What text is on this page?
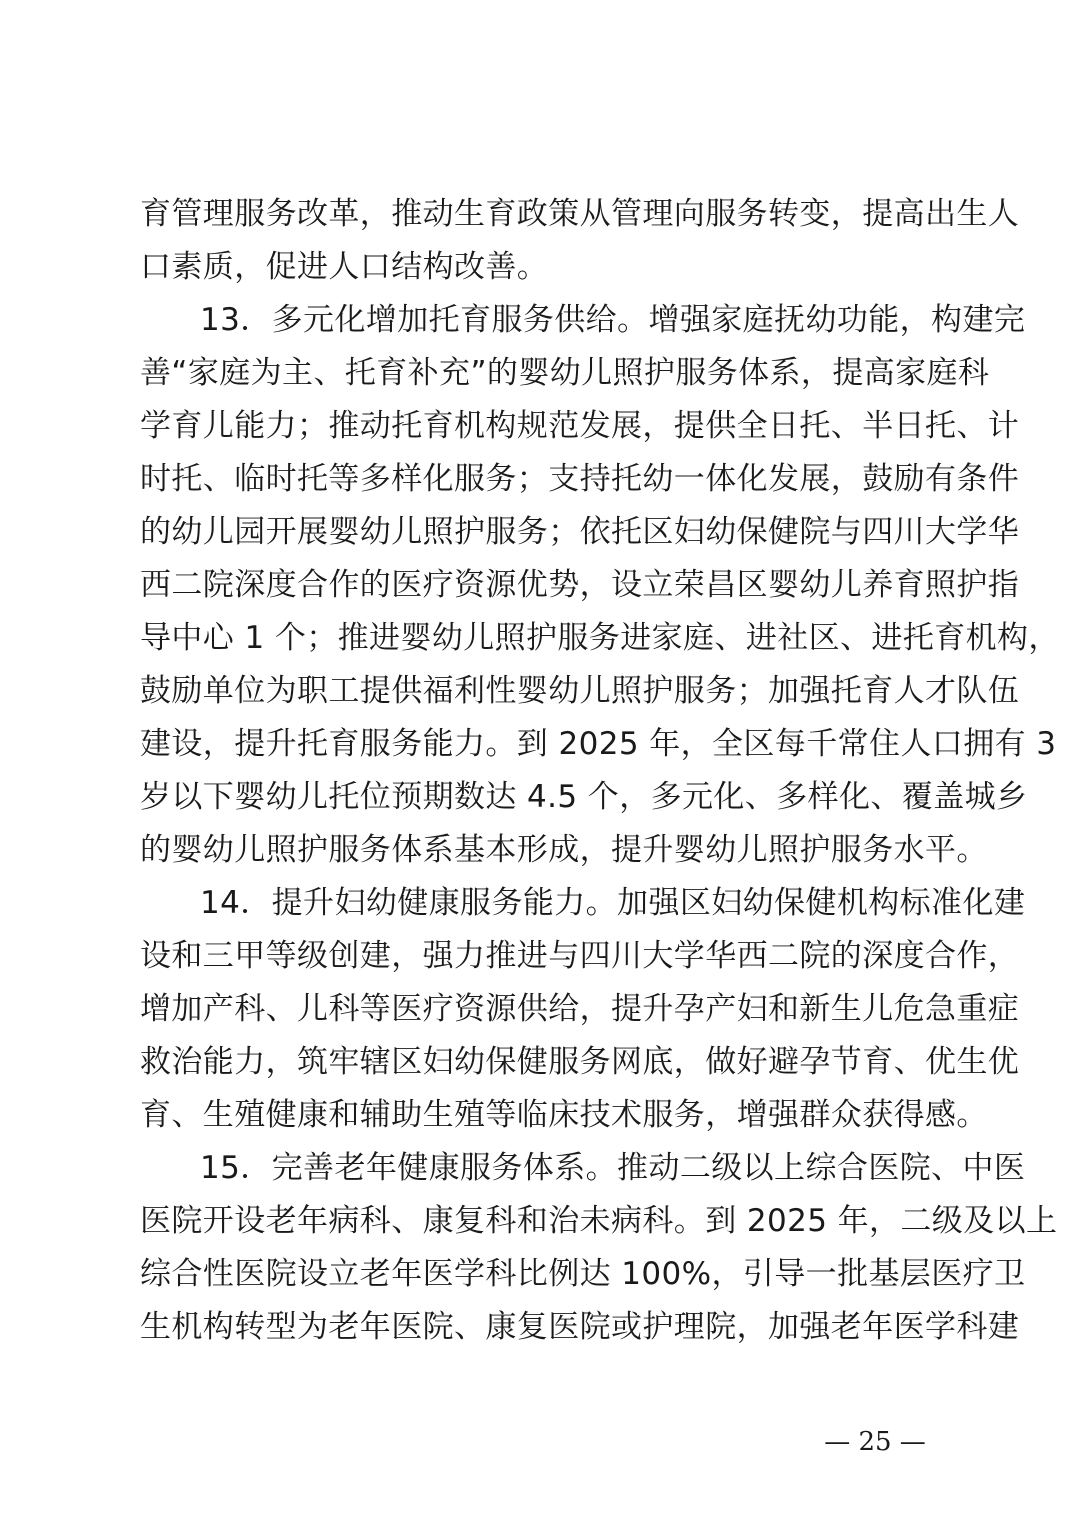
育管理服务改革，推动生育政策从管理向服务转变，提高出生人
口素质，促进人口结构改善。
13．多元化增加托育服务供给。增强家庭抚幼功能，构建完
善“家庭为主、托育补充”的婴幼儿照护服务体系，提高家庭科
学育儿能力；推动托育机构规范发展，提供全日托、半日托、计
时托、临时托等多样化服务；支持托幼一体化发展，鼓励有条件
的幼儿园开展婴幼儿照护服务；依托区妇幼保健院与四川大学华
西二院深度合作的医疗资源优势，设立荣昌区婴幼儿养育照护指
导中心 1 个；推进婴幼儿照护服务进家庭、进社区、进托育机构，
鼓励单位为职工提供福利性婴幼儿照护服务；加强托育人才队伍
建设，提升托育服务能力。到 2025 年，全区每千常住人口拥有 3
岁以下婴幼儿托位预期数达 4.5 个，多元化、多样化、覆盖城乡
的婴幼儿照护服务体系基本形成，提升婴幼儿照护服务水平。
14．提升妇幼健康服务能力。加强区妇幼保健机构标准化建
设和三甲等级创建，强力推进与四川大学华西二院的深度合作，
增加产科、儿科等医疗资源供给，提升孕产妇和新生儿危急重症
救治能力，筑牢辖区妇幼保健服务网底，做好避孕节育、优生优
育、生殖健康和辅助生殖等临床技术服务，增强群众获得感。
15．完善老年健康服务体系。推动二级以上综合医院、中医
医院开设老年病科、康复科和治未病科。到 2025 年，二级及以上
综合性医院设立老年医学科比例达 100%，引导一批基层医疗卫
生机构转型为老年医院、康复医院或护理院，加强老年医学科建
— 25 —
